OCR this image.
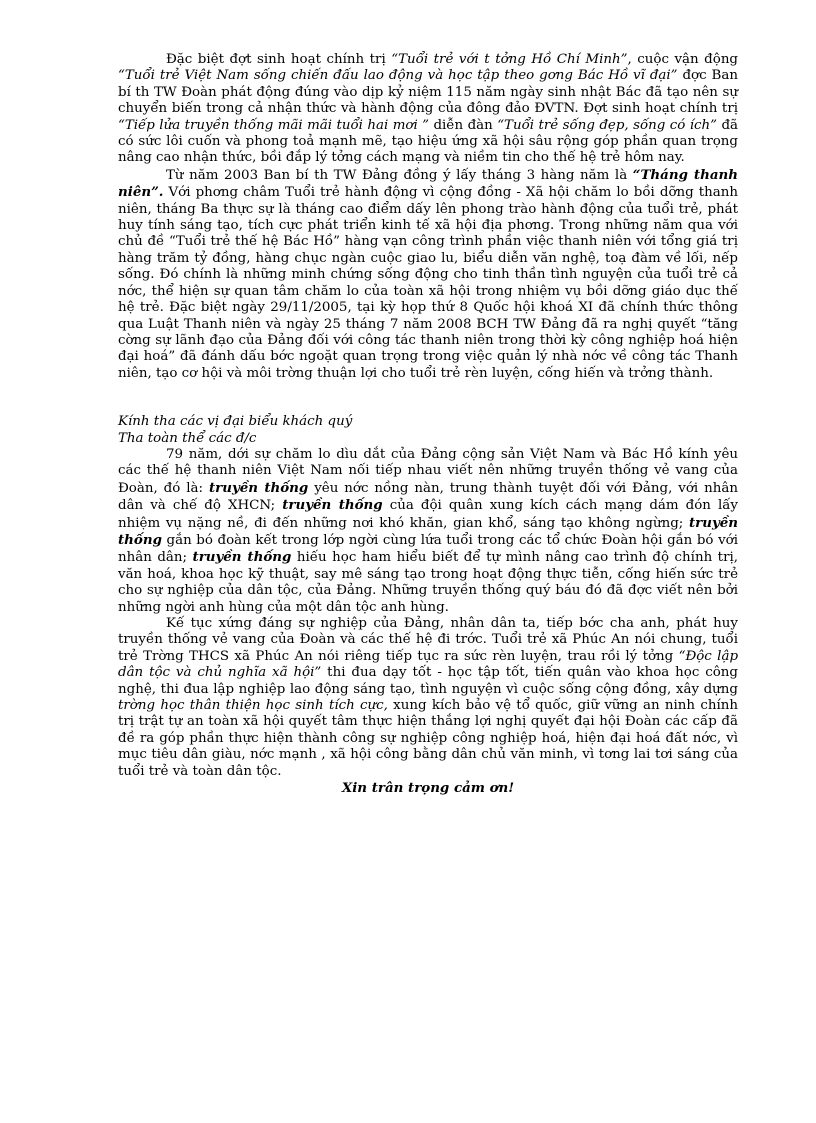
Đặc biệt đợt sinh hoạt chính trị “Tuổi trẻ với t tởng Hồ Chí Minh”, cuộc vận động “Tuổi trẻ Việt Nam sống chiến đấu lao động và học tập theo gơng Bác Hồ vĩ đại” đợc Ban bí th TW Đoàn phát động đúng vào dịp kỷ niệm 115 năm ngày sinh nhật Bác đã tạo nên sự chuyển biến trong cả nhận thức và hành động của đông đảo ĐVTN. Đợt sinh hoạt chính trị “Tiếp lửa truyền thống mãi mãi tuổi hai mơi ” diễn đàn “Tuổi trẻ sống đẹp, sống có ích” đã có sức lôi cuốn và phong toả mạnh mẽ, tạo hiệu ứng xã hội sâu rộng góp phần quan trọng nâng cao nhận thức, bồi đắp lý tởng cách mạng và niềm tin cho thế hệ trẻ hôm nay.

Từ năm 2003 Ban bí th TW Đảng đồng ý lấy tháng 3 hàng năm là “Tháng thanh niên”. Với phơng châm Tuổi trẻ hành động vì cộng đồng - Xã hội chăm lo bồi dỡng thanh niên, tháng Ba thực sự là tháng cao điểm dấy lên phong trào hành động của tuổi trẻ, phát huy tính sáng tạo, tích cực phát triển kinh tế xã hội địa phơng. Trong những năm qua với chủ đề “Tuổi trẻ thế hệ Bác Hồ” hàng vạn công trình phần việc thanh niên với tổng giá trị hàng trăm tỷ đồng, hàng chục ngàn cuộc giao lu, biểu diễn văn nghệ, toạ đàm về lối, nếp sống. Đó chính là những minh chứng sống động cho tinh thần tình nguyện của tuổi trẻ cả nớc, thể hiện sự quan tâm chăm lo của toàn xã hội trong nhiệm vụ bồi dỡng giáo dục thế hệ trẻ. Đặc biệt ngày 29/11/2005, tại kỳ họp thứ 8 Quốc hội khoá XI đã chính thức thông qua Luật Thanh niên và ngày 25 tháng 7 năm 2008 BCH TW Đảng đã ra nghị quyết “tăng cờng sự lãnh đạo của Đảng đối với công tác thanh niên trong thời kỳ công nghiệp hoá hiện đại hoá” đã đánh dấu bớc ngoặt quan trọng trong việc quản lý nhà nớc về công tác Thanh niên, tạo cơ hội và môi trờng thuận lợi cho tuổi trẻ rèn luyện, cống hiến và trởng thành.

Kính tha các vị đại biểu khách quý

Tha toàn thể các đ/c

79 năm, dới sự chăm lo dìu dắt của Đảng cộng sản Việt Nam và Bác Hồ kính yêu các thế hệ thanh niên Việt Nam nối tiếp nhau viết nên những truyền thống vẻ vang của Đoàn, đó là: truyền thống yêu nớc nồng nàn, trung thành tuyệt đối với Đảng, với nhân dân và chế độ XHCN; truyền thống của đội quân xung kích cách mạng dám đón lấy nhiệm vụ nặng nề, đi đến những nơi khó khăn, gian khổ, sáng tạo không ngừng; truyền thống gắn bó đoàn kết trong lớp ngời cùng lứa tuổi trong các tổ chức Đoàn hội gắn bó với nhân dân; truyền thống hiếu học ham hiểu biết để tự mình nâng cao trình độ chính trị, văn hoá, khoa học kỹ thuật, say mê sáng tạo trong hoạt động thực tiễn, cống hiến sức trẻ cho sự nghiệp của dân tộc, của Đảng. Những truyền thống quý báu đó đã đợc viết nên bởi những ngời anh hùng của một dân tộc anh hùng.

Kế tục xứng đáng sự nghiệp của Đảng, nhân dân ta, tiếp bớc cha anh, phát huy truyền thống vẻ vang của Đoàn và các thế hệ đi trớc. Tuổi trẻ xã Phúc An nói chung, tuổi trẻ Trờng THCS xã Phúc An nói riêng tiếp tục ra sức rèn luyện, trau rồi lý tởng “Độc lập dân tộc và chủ nghĩa xã hội” thi đua dạy tốt - học tập tốt, tiến quân vào khoa học công nghệ, thi đua lập nghiệp lao động sáng tạo, tình nguyện vì cuộc sống cộng đồng, xây dựng trờng học thân thiện học sinh tích cực, xung kích bảo vệ tổ quốc, giữ vững an ninh chính trị trật tự an toàn xã hội quyết tâm thực hiện thắng lợi nghị quyết đại hội Đoàn các cấp đã đề ra góp phần thực hiện thành công sự nghiệp công nghiệp hoá, hiện đại hoá đất nớc, vì mục tiêu dân giàu, nớc mạnh , xã hội công bằng dân chủ văn minh, vì tơng lai tơi sáng của tuổi trẻ và toàn dân tộc.

Xin trân trọng cảm ơn!
